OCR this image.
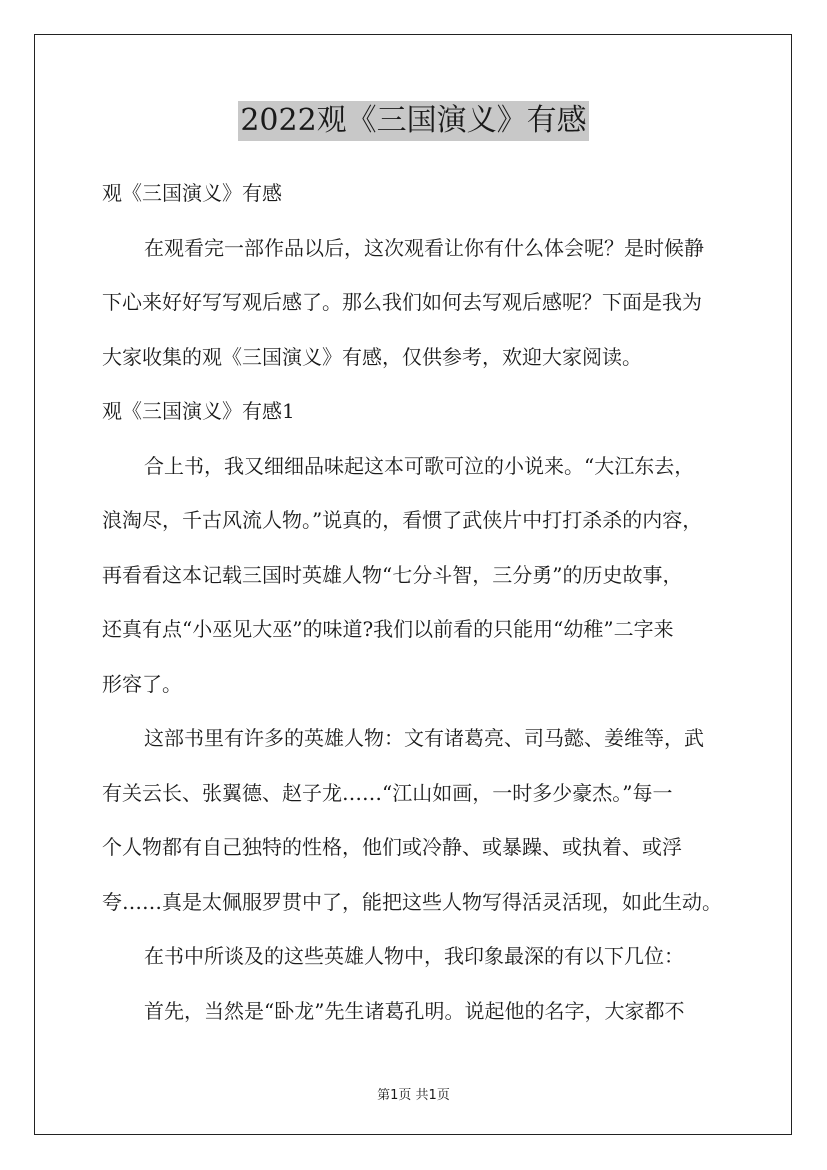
2022观《三国演义》有感
观《三国演义》有感
在观看完一部作品以后，这次观看让你有什么体会呢？是时候静
下心来好好写写观后感了。那么我们如何去写观后感呢？下面是我为
大家收集的观《三国演义》有感，仅供参考，欢迎大家阅读。
观《三国演义》有感1
合上书，我又细细品味起这本可歌可泣的小说来。“大江东去，
浪淘尽，千古风流人物。”说真的，看惯了武侠片中打打杀杀的内容，
再看看这本记载三国时英雄人物“七分斗智，三分勇”的历史故事，
还真有点“小巫见大巫”的味道?我们以前看的只能用“幼稚”二字来
形容了。
这部书里有许多的英雄人物：文有诸葛亮、司马懿、姜维等，武
有关云长、张翼德、赵子龙……“江山如画，一时多少豪杰。”每一
个人物都有自己独特的性格，他们或冷静、或暴躁、或执着、或浮
夸……真是太佩服罗贯中了，能把这些人物写得活灵活现，如此生动。
在书中所谈及的这些英雄人物中，我印象最深的有以下几位：
首先，当然是“卧龙”先生诸葛孔明。说起他的名字，大家都不
第1页 共1页
